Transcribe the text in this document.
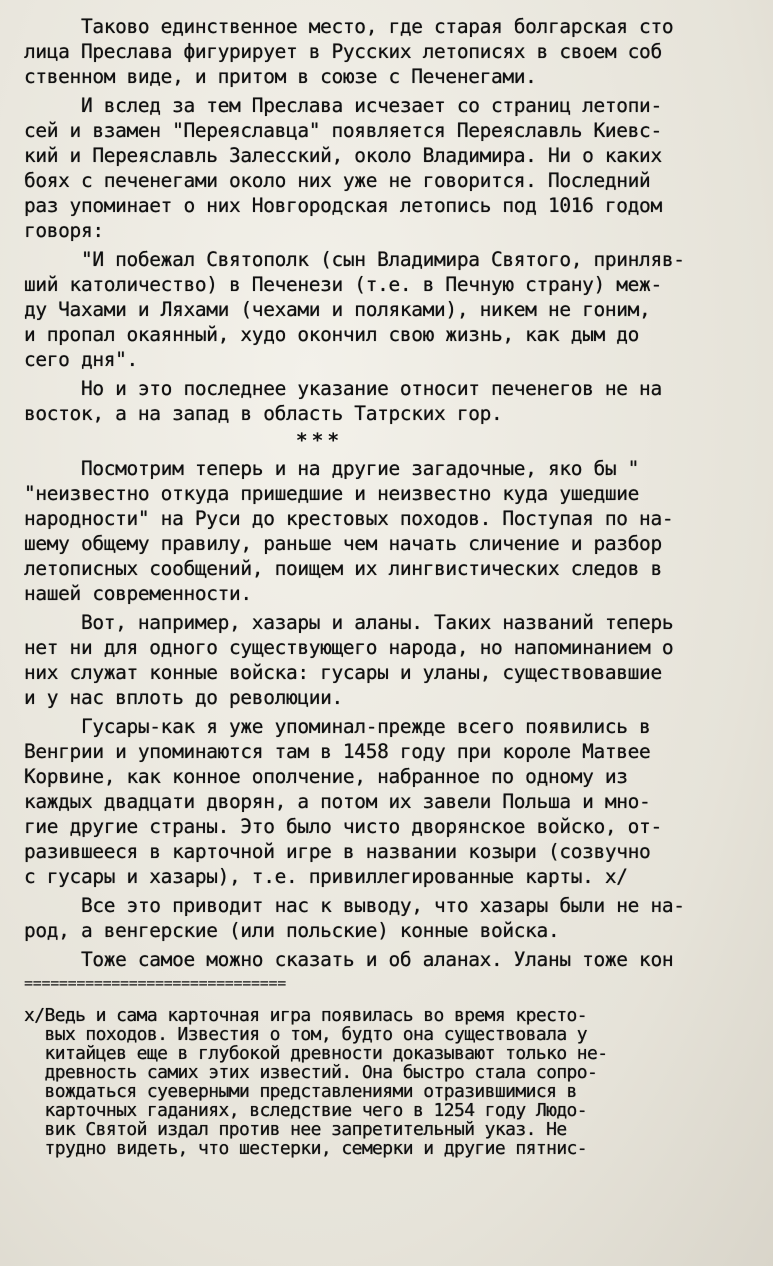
Таково единственное место, где старая болгарская сто
лица Преслава фигурирует в Русских летописях в своем соб
ственном виде, и притом в союзе с Печенегами.
И вслед за тем Преслава исчезает со страниц летопи-
сей и взамен "Переяславца" появляется Переяславль Киевс-
кий и Переяславль Залесский, около Владимира. Ни о каких
боях с печенегами около них уже не говорится. Последний
раз упоминает о них Новгородская летопись под 1016 годом
говоря:
"И побежал Святополк (сын Владимира Святого, принляв-
ший католичество) в Печенези (т.е. в Печную страну) меж-
ду Чахами и Ляхами (чехами и поляками), никем не гоним,
и пропал окаянный, худо окончил свою жизнь, как дым до
сего дня".
Но и это последнее указание относит печенегов не на
восток, а на запад в область Татрских гор.
***
Посмотрим теперь и на другие загадочные, яко бы "
"неизвестно откуда пришедшие и неизвестно куда ушедшие
народности" на Руси до крестовых походов. Поступая по на-
шему общему правилу, раньше чем начать сличение и разбор
летописных сообщений, поищем их лингвистических следов в
нашей современности.
Вот, например, хазары и аланы. Таких названий теперь
нет ни для одного существующего народа, но напоминанием о
них служат конные войска: гусары и уланы, существовавшие
и у нас вплоть до революции.
Гусары-как я уже упоминал-прежде всего появились в
Венгрии и упоминаются там в 1458 году при короле Матвее
Корвине, как конное ополчение, набранное по одному из
каждых двадцати дворян, а потом их завели Польша и мно-
гие другие страны. Это было чисто дворянское войско, от-
разившееся в карточной игре в названии козыри (созвучно
с гусары и хазары), т.е. привиллегированные карты. x/
Все это приводит нас к выводу, что хазары были не на-
род, а венгерские (или польские) конные войска.
Тоже самое можно сказать и об аланах. Уланы тоже кон
==============================
x/Ведь и сама карточная игра появилась во время кресто-
вых походов. Известия о том, будто она существовала у
китайцев еще в глубокой древности доказывают только не-
древность самих этих известий. Она быстро стала сопро-
вождаться суеверными представлениями отразившимися в
карточных гаданиях, вследствие чего в 1254 году Людо-
вик Святой издал против нее запретительный указ. Не
трудно видеть, что шестерки, семерки и другие пятнис-
